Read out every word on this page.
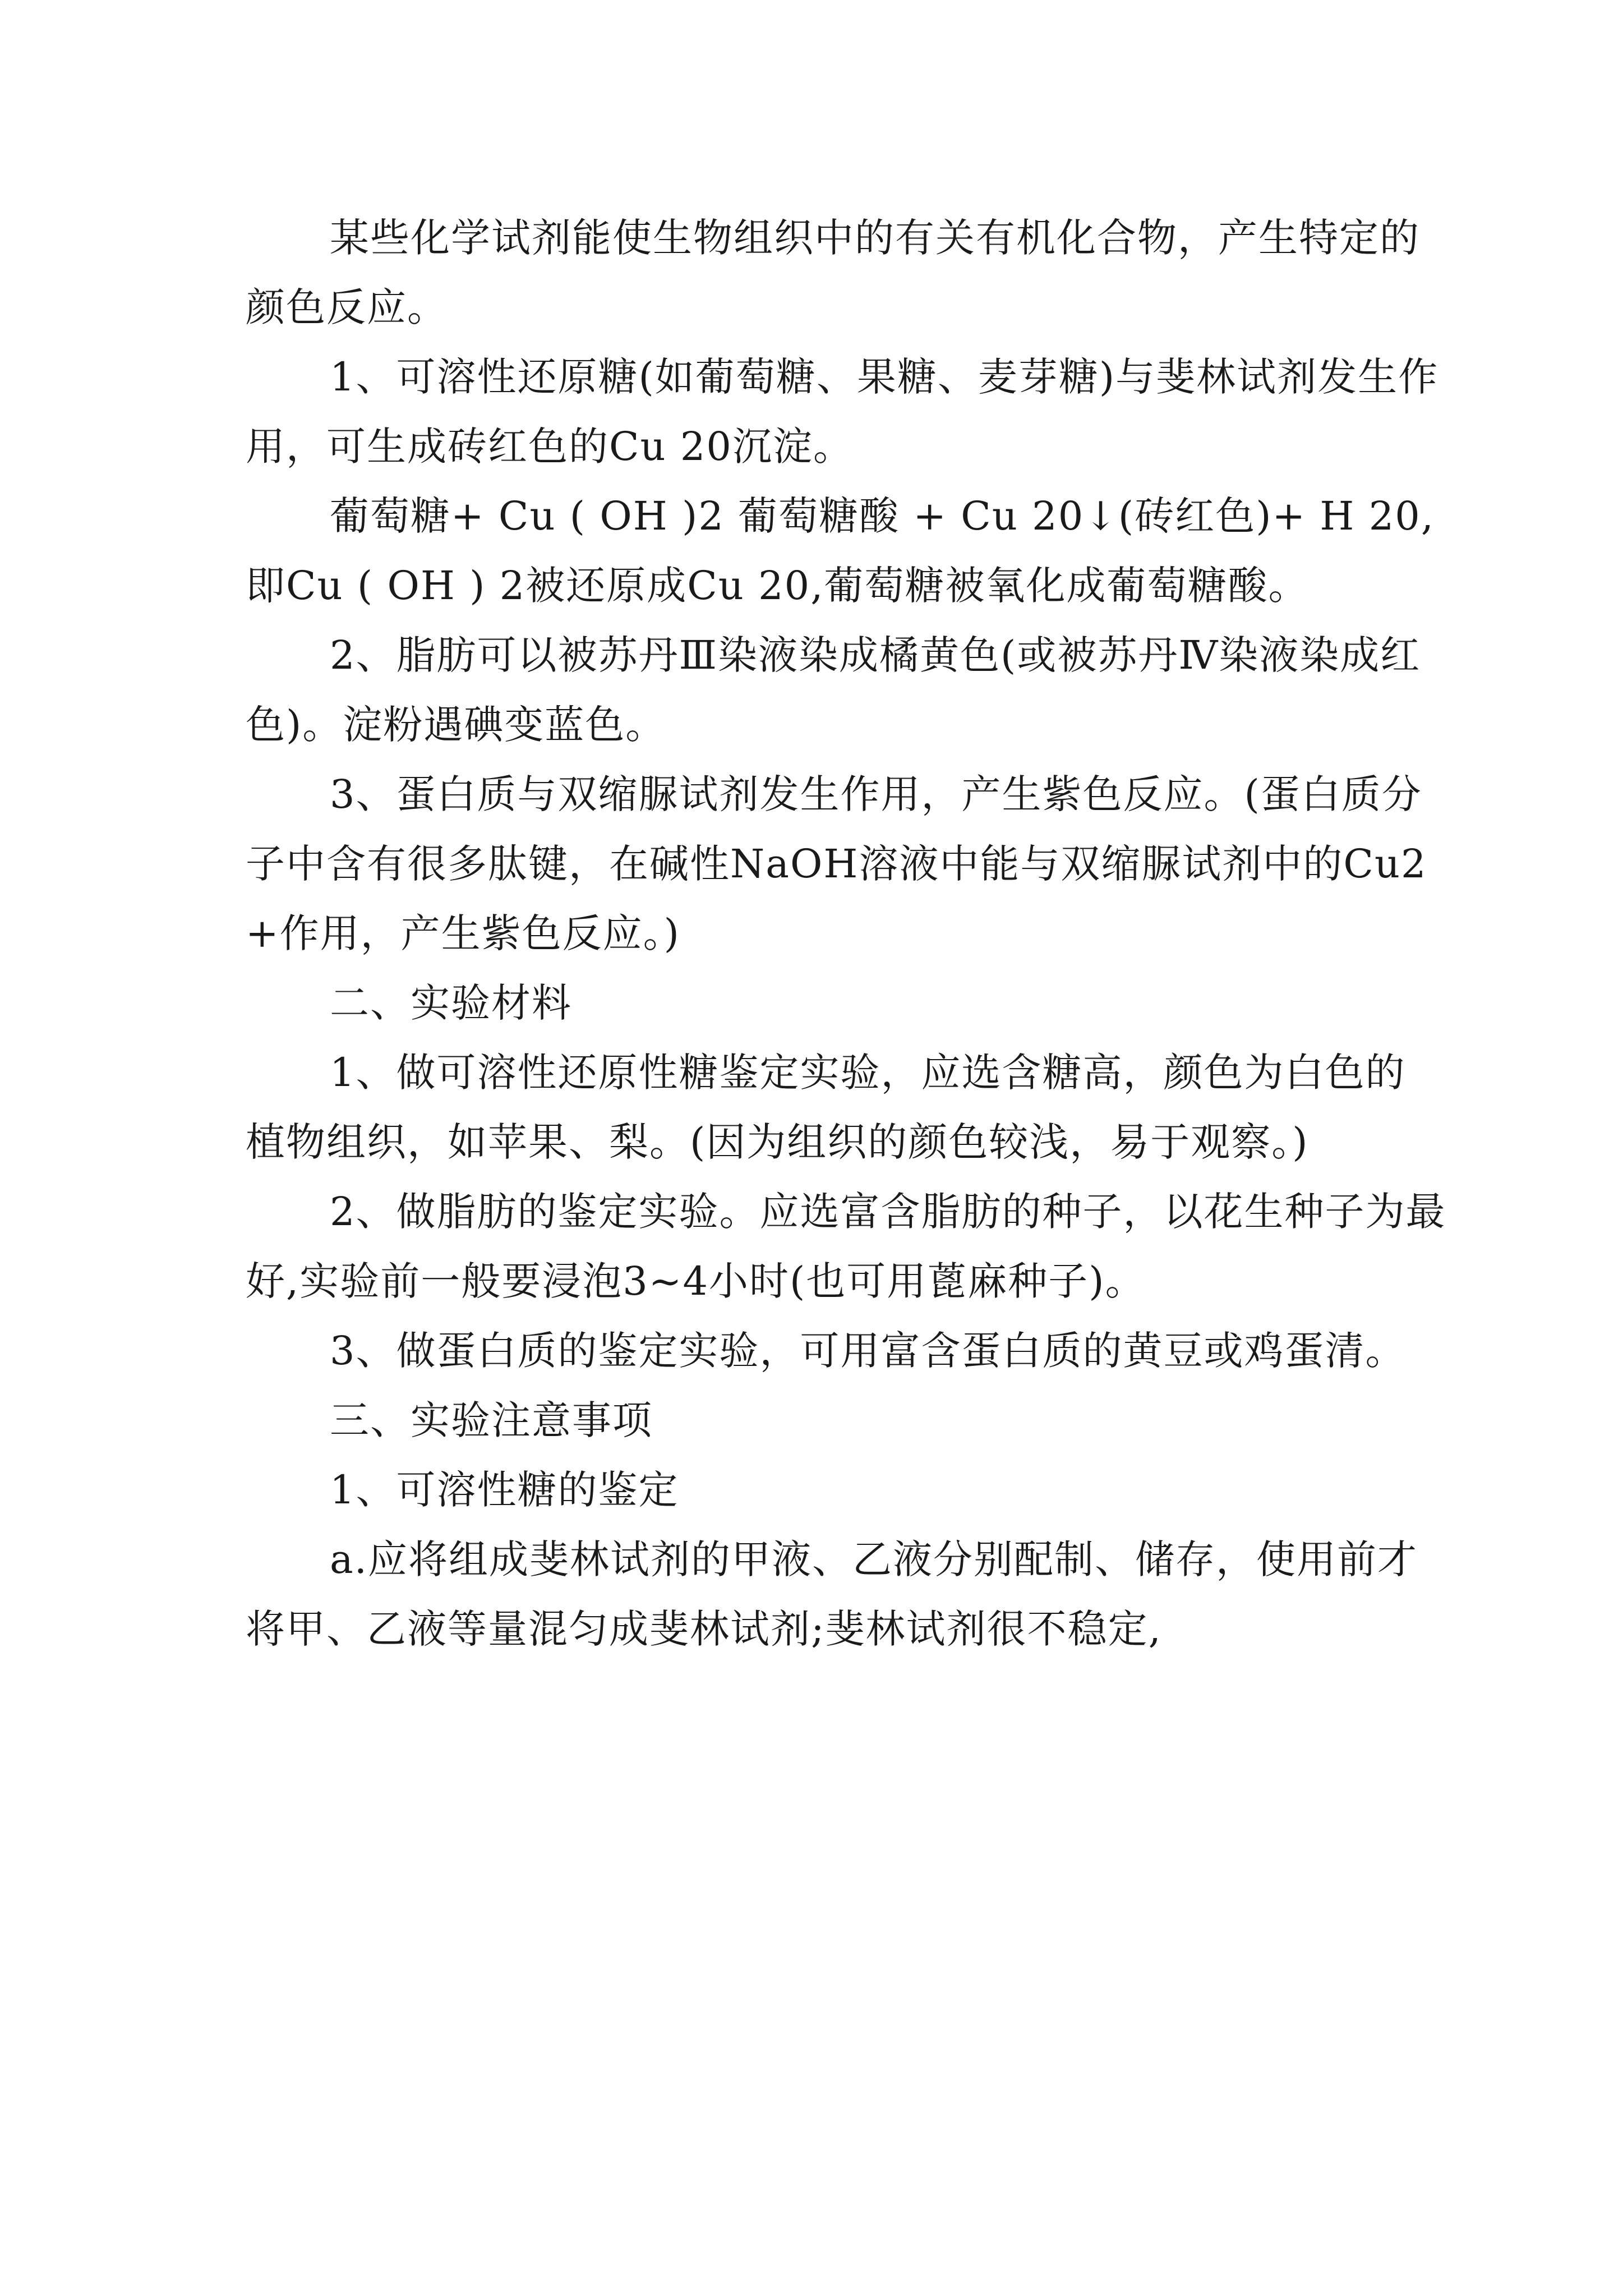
某些化学试剂能使生物组织中的有关有机化合物，产生特定的颜色反应。

1、可溶性还原糖(如葡萄糖、果糖、麦芽糖)与斐林试剂发生作用，可生成砖红色的Cu 20沉淀。

葡萄糖+ Cu ( OH )2 葡萄糖酸 + Cu 20↓(砖红色)+ H 20,即Cu ( OH ) 2被还原成Cu 20,葡萄糖被氧化成葡萄糖酸。

2、脂肪可以被苏丹Ⅲ染液染成橘黄色(或被苏丹Ⅳ染液染成红色)。淀粉遇碘变蓝色。

3、蛋白质与双缩脲试剂发生作用，产生紫色反应。(蛋白质分子中含有很多肽键，在碱性NaOH溶液中能与双缩脲试剂中的Cu2+作用，产生紫色反应。)

二、实验材料

1、做可溶性还原性糖鉴定实验，应选含糖高，颜色为白色的植物组织，如苹果、梨。(因为组织的颜色较浅，易于观察。)

2、做脂肪的鉴定实验。应选富含脂肪的种子，以花生种子为最好,实验前一般要浸泡3~4小时(也可用蓖麻种子)。

3、做蛋白质的鉴定实验，可用富含蛋白质的黄豆或鸡蛋清。

三、实验注意事项

1、可溶性糖的鉴定

a.应将组成斐林试剂的甲液、乙液分别配制、储存，使用前才将甲、乙液等量混匀成斐林试剂;斐林试剂很不稳定,
